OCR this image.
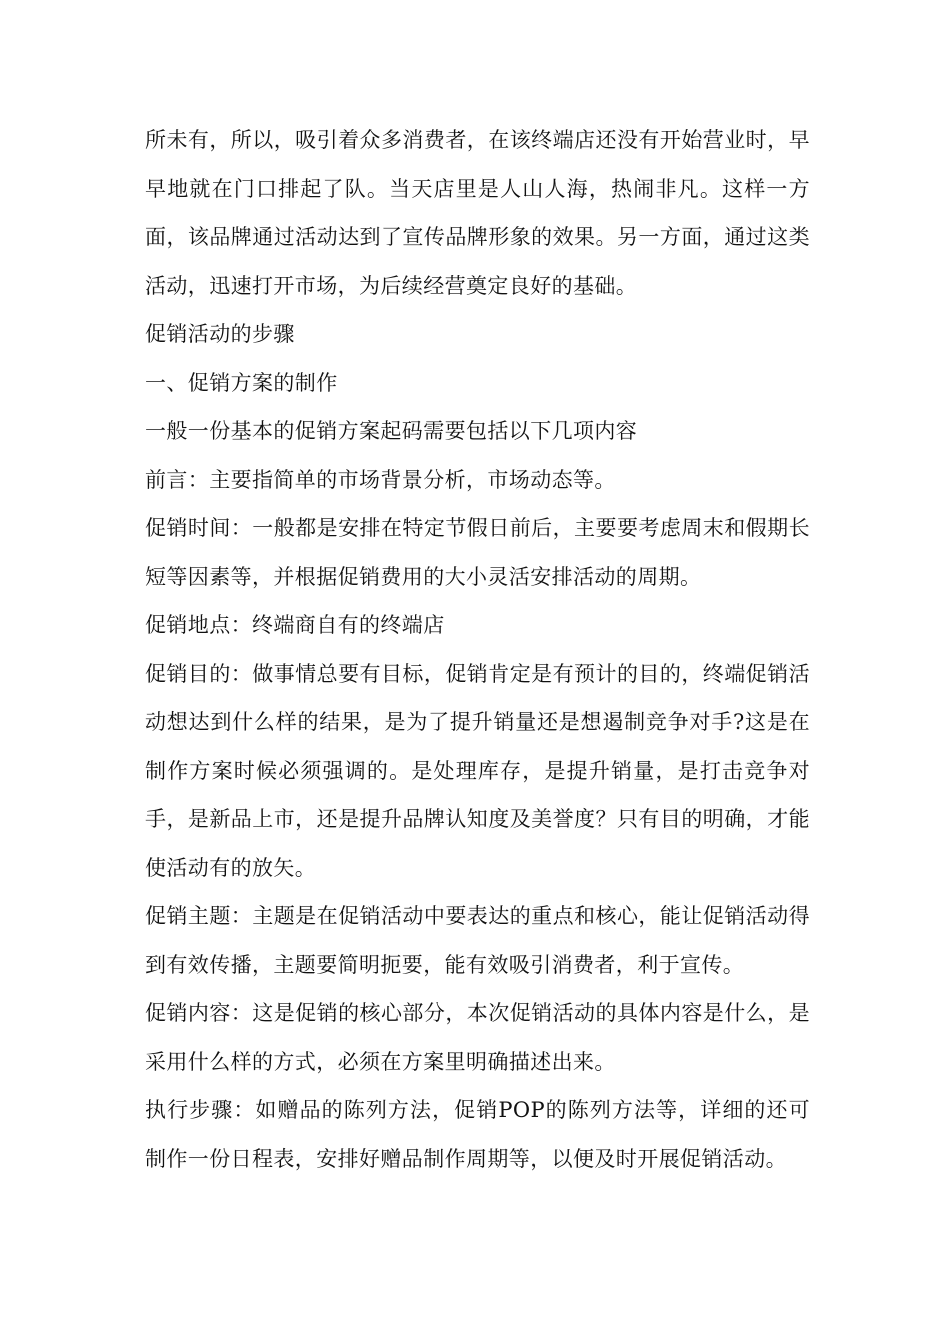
所未有，所以，吸引着众多消费者，在该终端店还没有开始营业时，早早地就在门口排起了队。当天店里是人山人海，热闹非凡。这样一方面，该品牌通过活动达到了宣传品牌形象的效果。另一方面，通过这类活动，迅速打开市场，为后续经营奠定良好的基础。

促销活动的步骤

一、促销方案的制作

一般一份基本的促销方案起码需要包括以下几项内容

前言：主要指简单的市场背景分析，市场动态等。

促销时间：一般都是安排在特定节假日前后，主要要考虑周末和假期长短等因素等，并根据促销费用的大小灵活安排活动的周期。

促销地点：终端商自有的终端店

促销目的：做事情总要有目标，促销肯定是有预计的目的，终端促销活动想达到什么样的结果，是为了提升销量还是想遏制竞争对手?这是在制作方案时候必须强调的。是处理库存，是提升销量，是打击竞争对手，是新品上市，还是提升品牌认知度及美誉度？只有目的明确，才能使活动有的放矢。

促销主题：主题是在促销活动中要表达的重点和核心，能让促销活动得到有效传播，主题要简明扼要，能有效吸引消费者，利于宣传。

促销内容：这是促销的核心部分，本次促销活动的具体内容是什么，是采用什么样的方式，必须在方案里明确描述出来。

执行步骤：如赠品的陈列方法，促销POP的陈列方法等，详细的还可制作一份日程表，安排好赠品制作周期等，以便及时开展促销活动。
